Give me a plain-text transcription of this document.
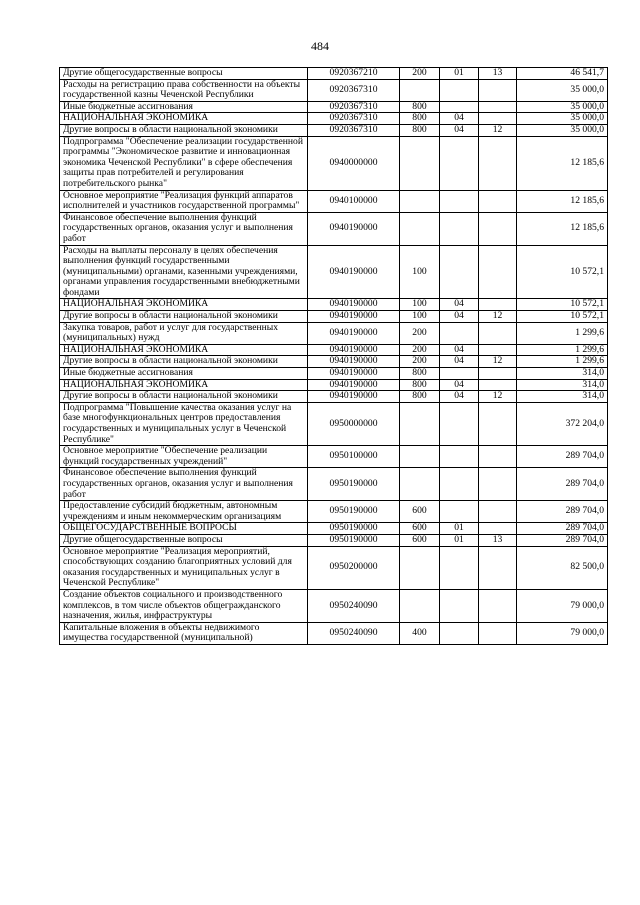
484
Другие общегосударственные вопросы	0920367210	200	01	13	46 541,7
Расходы на регистрацию права собственности на объекты государственной казны Чеченской Республики	0920367310				35 000,0
Иные бюджетные ассигнования	0920367310	800			35 000,0
НАЦИОНАЛЬНАЯ ЭКОНОМИКА	0920367310	800	04		35 000,0
Другие вопросы в области национальной экономики	0920367310	800	04	12	35 000,0
Подпрограмма "Обеспечение реализации государственной программы "Экономическое развитие и инновационная экономика Чеченской Республики" в сфере обеспечения защиты прав потребителей и регулирования потребительского рынка"	0940000000				12 185,6
Основное мероприятие "Реализация функций аппаратов исполнителей и участников государственной программы"	0940100000				12 185,6
Финансовое обеспечение выполнения функций государственных органов, оказания услуг и выполнения работ	0940190000				12 185,6
Расходы на выплаты персоналу в целях обеспечения выполнения функций государственными (муниципальными) органами, казенными учреждениями, органами управления государственными внебюджетными фондами	0940190000	100			10 572,1
НАЦИОНАЛЬНАЯ ЭКОНОМИКА	0940190000	100	04		10 572,1
Другие вопросы в области национальной экономики	0940190000	100	04	12	10 572,1
Закупка товаров, работ и услуг для государственных (муниципальных) нужд	0940190000	200			1 299,6
НАЦИОНАЛЬНАЯ ЭКОНОМИКА	0940190000	200	04		1 299,6
Другие вопросы в области национальной экономики	0940190000	200	04	12	1 299,6
Иные бюджетные ассигнования	0940190000	800			314,0
НАЦИОНАЛЬНАЯ ЭКОНОМИКА	0940190000	800	04		314,0
Другие вопросы в области национальной экономики	0940190000	800	04	12	314,0
Подпрограмма "Повышение качества оказания услуг на базе многофункциональных центров предоставления государственных и муниципальных услуг в Чеченской Республике"	0950000000				372 204,0
Основное мероприятие "Обеспечение реализации функций государственных учреждений"	0950100000				289 704,0
Финансовое обеспечение выполнения функций государственных органов, оказания услуг и выполнения работ	0950190000				289 704,0
Предоставление субсидий бюджетным, автономным учреждениям и иным некоммерческим организациям	0950190000	600			289 704,0
ОБЩЕГОСУДАРСТВЕННЫЕ ВОПРОСЫ	0950190000	600	01		289 704,0
Другие общегосударственные вопросы	0950190000	600	01	13	289 704,0
Основное мероприятие "Реализация мероприятий, способствующих созданию благоприятных условий для оказания государственных и муниципальных услуг в Чеченской Республике"	0950200000				82 500,0
Создание объектов социального и производственного комплексов, в том числе объектов общегражданского назначения, жилья, инфраструктуры	0950240090				79 000,0
Капитальные вложения в объекты недвижимого имущества государственной (муниципальной)	0950240090	400			79 000,0
